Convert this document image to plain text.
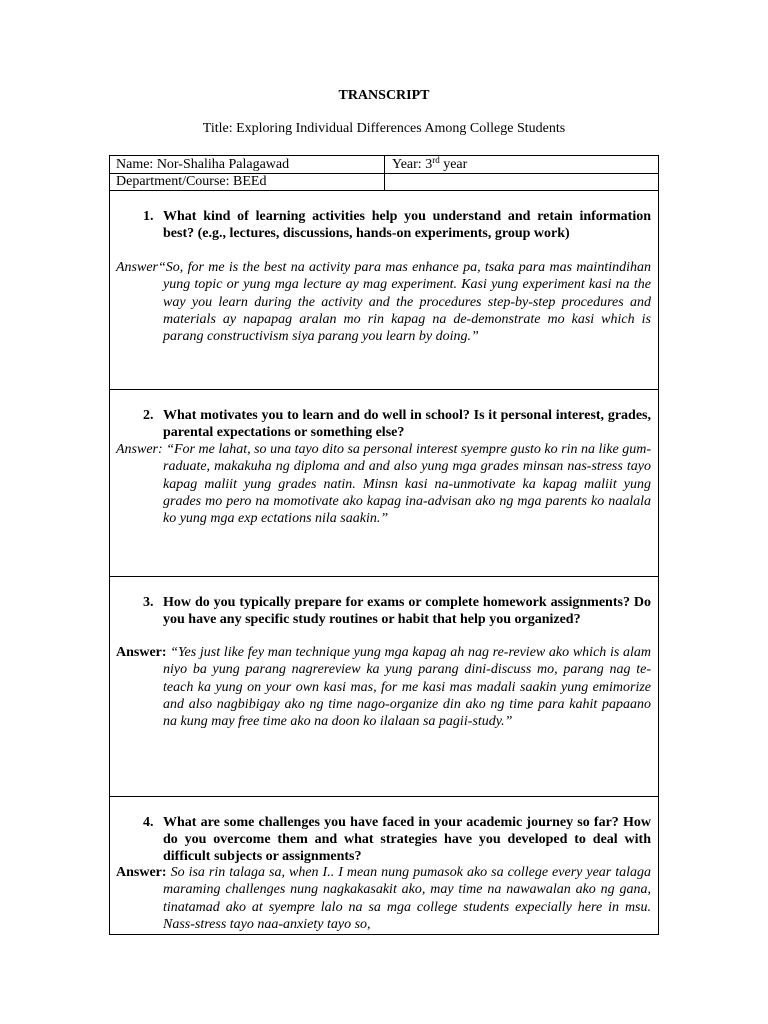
TRANSCRIPT
Title: Exploring Individual Differences Among College Students
Name: Nor-Shaliha Palagawad	Year: 3rd year
Department/Course: BEEd
1. What kind of learning activities help you understand and retain information best? (e.g., lectures, discussions, hands-on experiments, group work)
Answer“So, for me is the best na activity para mas enhance pa, tsaka para mas maintindihan yung topic or yung mga lecture ay mag experiment. Kasi yung experiment kasi na the way you learn during the activity and the procedures step-by-step procedures and materials ay napapag aralan mo rin kapag na de-demonstrate mo kasi which is parang constructivism siya parang you learn by doing.”
2. What motivates you to learn and do well in school? Is it personal interest, grades, parental expectations or something else?
Answer: “For me lahat, so una tayo dito sa personal interest syempre gusto ko rin na like gum-raduate, makakuha ng diploma and and also yung mga grades minsan nas-stress tayo kapag maliit yung grades natin. Minsn kasi na-unmotivate ka kapag maliit yung grades mo pero na momotivate ako kapag ina-advisan ako ng mga parents ko naalala ko yung mga exp ectations nila saakin.”
3. How do you typically prepare for exams or complete homework assignments? Do you have any specific study routines or habit that help you organized?
Answer: “Yes just like fey man technique yung mga kapag ah nag re-review ako which is alam niyo ba yung parang nagrereview ka yung parang dini-discuss mo, parang nag te-teach ka yung on your own kasi mas, for me kasi mas madali saakin yung emimorize and also nagbibigay ako ng time nago-organize din ako ng time para kahit papaano na kung may free time ako na doon ko ilalaan sa pagii-study.”
4. What are some challenges you have faced in your academic journey so far? How do you overcome them and what strategies have you developed to deal with difficult subjects or assignments?
Answer: So isa rin talaga sa, when I.. I mean nung pumasok ako sa college every year talaga maraming challenges nung nagkakasakit ako, may time na nawawalan ako ng gana, tinatamad ako at syempre lalo na sa mga college students expecially here in msu. Nass-stress tayo naa-anxiety tayo so,
